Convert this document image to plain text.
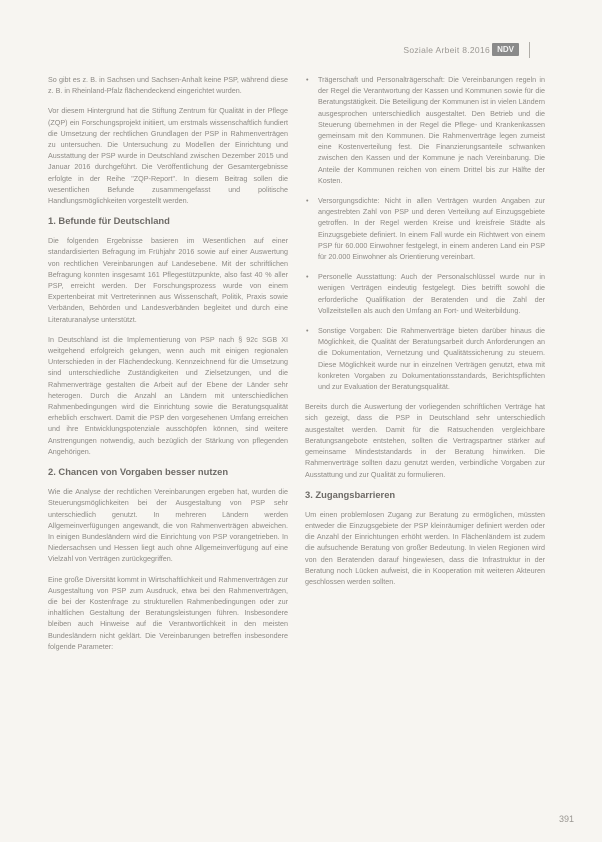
Soziale Arbeit 8.2016 NDV

So gibt es z. B. in Sachsen und Sachsen-Anhalt keine PSP, während diese z. B. in Rheinland-Pfalz flächendeckend eingerichtet wurden.

Vor diesem Hintergrund hat die Stiftung Zentrum für Qualität in der Pflege (ZQP) ein Forschungsprojekt initiiert, um erstmals wissenschaftlich fundiert die Umsetzung der rechtlichen Grundlagen der PSP in Rahmenverträgen zu untersuchen. Die Untersuchung zu Modellen der Einrichtung und Ausstattung der PSP wurde in Deutschland zwischen Dezember 2015 und Januar 2016 durchgeführt. Die Veröffentlichung der Gesamtergebnisse erfolgte in der Reihe "ZQP-Report". In diesem Beitrag sollen die wesentlichen Befunde zusammengefasst und politische Handlungsmöglichkeiten vorgestellt werden.

1. Befunde für Deutschland

Die folgenden Ergebnisse basieren im Wesentlichen auf einer standardisierten Befragung im Frühjahr 2016 sowie auf einer Auswertung von rechtlichen Vereinbarungen auf Landesebene. Mit der schriftlichen Befragung konnten insgesamt 161 Pflegestützpunkte, also fast 40 % aller PSP, erreicht werden. Der Forschungsprozess wurde von einem Expertenbeirat mit Vertreterinnen aus Wissenschaft, Politik, Praxis sowie Verbänden, Behörden und Landesverbänden begleitet und durch eine Literaturanalyse unterstützt.

In Deutschland ist die Implementierung von PSP nach § 92c SGB XI weitgehend erfolgreich gelungen, wenn auch mit einigen regionalen Unterschieden in der Flächendeckung. Kennzeichnend für die Umsetzung sind unterschiedliche Zuständigkeiten und Zielsetzungen, und die Rahmenverträge gestalten die Arbeit auf der Ebene der Länder sehr heterogen. Durch die Anzahl an Ländern mit unterschiedlichen Rahmenbedingungen wird die Einrichtung sowie die Beratungsqualität erheblich erschwert. Damit die PSP den vorgesehenen Umfang erreichen und ihre Entwicklungspotenziale ausschöpfen können, sind weitere Anstrengungen notwendig, auch bezüglich der Stärkung von pflegenden Angehörigen.

2. Chancen von Vorgaben besser nutzen

Wie die Analyse der rechtlichen Vereinbarungen ergeben hat, wurden die Steuerungsmöglichkeiten bei der Ausgestaltung von PSP sehr unterschiedlich genutzt. In mehreren Ländern werden Allgemeinverfügungen angewandt, die von Rahmenverträgen abweichen. In einigen Bundesländern wird die Einrichtung von PSP vorangetrieben. In Niedersachsen und Hessen liegt auch ohne Allgemeinverfügung auf eine Vielzahl von Verträgen zurückgegriffen.

Eine große Diversität kommt in Wirtschaftlichkeit und Rahmenverträgen zur Ausgestaltung von PSP zum Ausdruck, etwa bei den Rahmenverträgen, die bei der Kostenfrage zu strukturellen Rahmenbedingungen oder zur inhaltlichen Gestaltung der Beratungsleistungen führen. Insbesondere bleiben auch Hinweise auf die Verantwortlichkeit in den meisten Bundesländern nicht geklärt. Die Vereinbarungen betreffen insbesondere folgende Parameter:

• Trägerschaft und Personalträgerschaft: Die Vereinbarungen regeln in der Regel die Verantwortung der Kassen und Kommunen sowie für die Beratungstätigkeit. Die Beteiligung der Kommunen ist in vielen Ländern ausgesprochen unterschiedlich ausgestaltet. Den Betrieb und die Steuerung übernehmen in der Regel die Pflege- und Krankenkassen gemeinsam mit den Kommunen. Die Rahmenverträge legen zumeist eine Kostenverteilung fest. Die Finanzierungsanteile schwanken zwischen den Kassen und der Kommune je nach Vereinbarung. Die Anteile der Kommunen reichen von einem Drittel bis zur Hälfte der Kosten.
• Versorgungsdichte: Nicht in allen Verträgen wurden Angaben zur angestrebten Zahl von PSP und deren Verteilung auf Einzugsgebiete getroffen. In der Regel werden Kreise und kreisfreie Städte als Einzugsgebiete definiert. In einem Fall wurde ein Richtwert von einem PSP für 60.000 Einwohner festgelegt, in einem anderen Land ein PSP für 20.000 Einwohner als Orientierung vereinbart.
• Personelle Ausstattung: Auch der Personalschlüssel wurde nur in wenigen Verträgen eindeutig festgelegt. Dies betrifft sowohl die erforderliche Qualifikation der Beratenden und die Zahl der Vollzeitstellen als auch den Umfang an Fort- und Weiterbildung.
• Sonstige Vorgaben: Die Rahmenverträge bieten darüber hinaus die Möglichkeit, die Qualität der Beratungsarbeit durch Anforderungen an die Dokumentation, Vernetzung und Qualitätssicherung zu steuern. Diese Möglichkeit wurde nur in einzelnen Verträgen genutzt, etwa mit konkreten Vorgaben zu Dokumentationsstandards, Berichtspflichten und zur Evaluation der Beratungsqualität.

Bereits durch die Auswertung der vorliegenden schriftlichen Verträge hat sich gezeigt, dass die PSP in Deutschland sehr unterschiedlich ausgestaltet werden. Damit für die Ratsuchenden vergleichbare Beratungsangebote entstehen, sollten die Vertragspartner stärker auf gemeinsame Mindeststandards in der Beratung hinwirken. Die Rahmenverträge sollten dazu genutzt werden, verbindliche Vorgaben zur Ausstattung und zur Qualität zu formulieren.

3. Zugangsbarrieren

Um einen problemlosen Zugang zur Beratung zu ermöglichen, müssten entweder die Einzugsgebiete der PSP kleinräumiger definiert werden oder die Anzahl der Einrichtungen erhöht werden. In Flächenländern ist zudem die aufsuchende Beratung von großer Bedeutung. In vielen Regionen wird von den Beratenden darauf hingewiesen, dass die Infrastruktur in der Beratung noch Lücken aufweist, die in Kooperation mit weiteren Akteuren geschlossen werden sollten.

391
